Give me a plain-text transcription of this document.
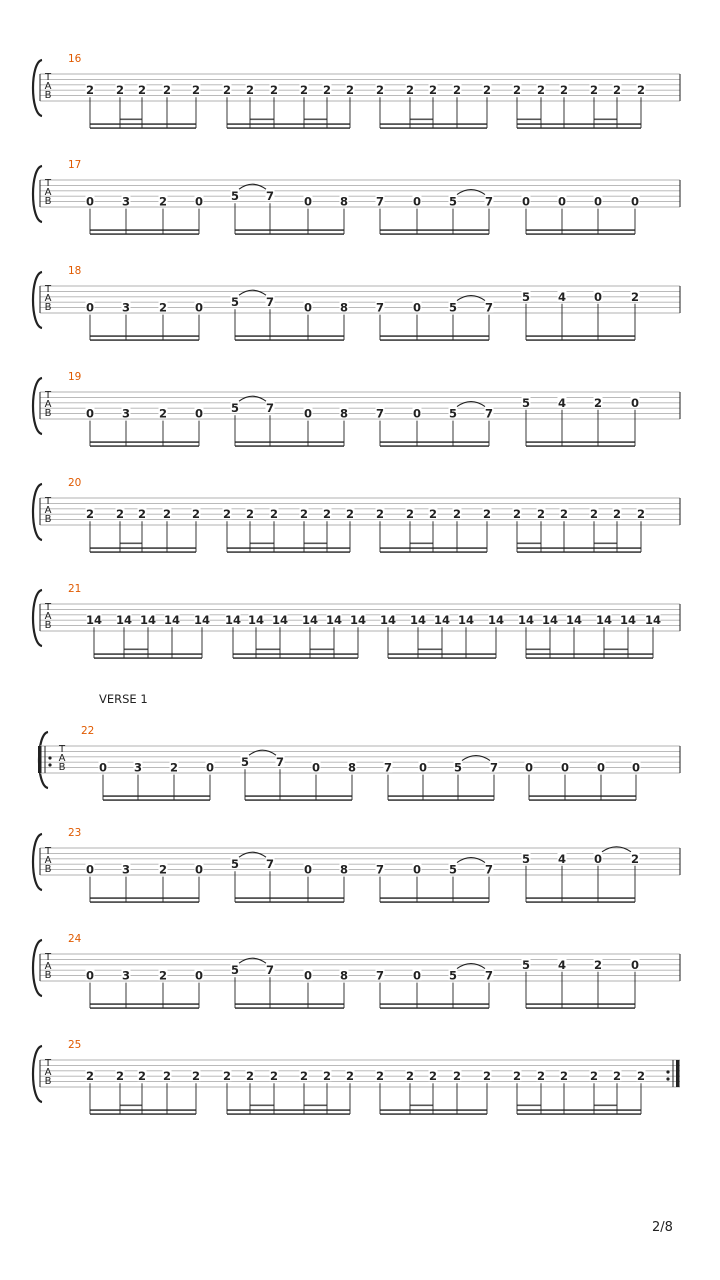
T
A
B
16
2 2 2 2 2 2 2 2 2 2 2 2 2 2 2 2 2 2 2 2 2 2
T
A
B
17
0 3	2 0 5 7	0 8 7	0 5 7	0 0 0	0
T
A
B
18
0 3	2 0 5 7	0 8 7	0 5 7
5 4 0	2
T
A
B
19
0 3	2 0 5 7	0 8 7	0 5 7
5 4 2	0
T
A
B
20
2 2 2 2 2 2 2 2 2 2 2 2 2 2 2 2 2 2 2 2 2 2
T
A
B
21
14 14 14 14 14 14 14 14 14 14 14 14 14 14 14 14 14 14 14 14 14 14
T
A
B
22
VERSE 1
0 3 2 0 5 7 0 8 7 0 5 7 0 0 0 0
T
A
B
23
0 3	2 0 5 7	0 8 7	0 5 7
5 4 0	2
T
A
B
24
0 3	2 0 5 7	0 8 7	0 5 7
5 4 2	0
T
A
B
25
2 2 2 2 2 2 2 2 2 2 2 2 2 2 2 2 2 2 2 2 2 2
2/8
